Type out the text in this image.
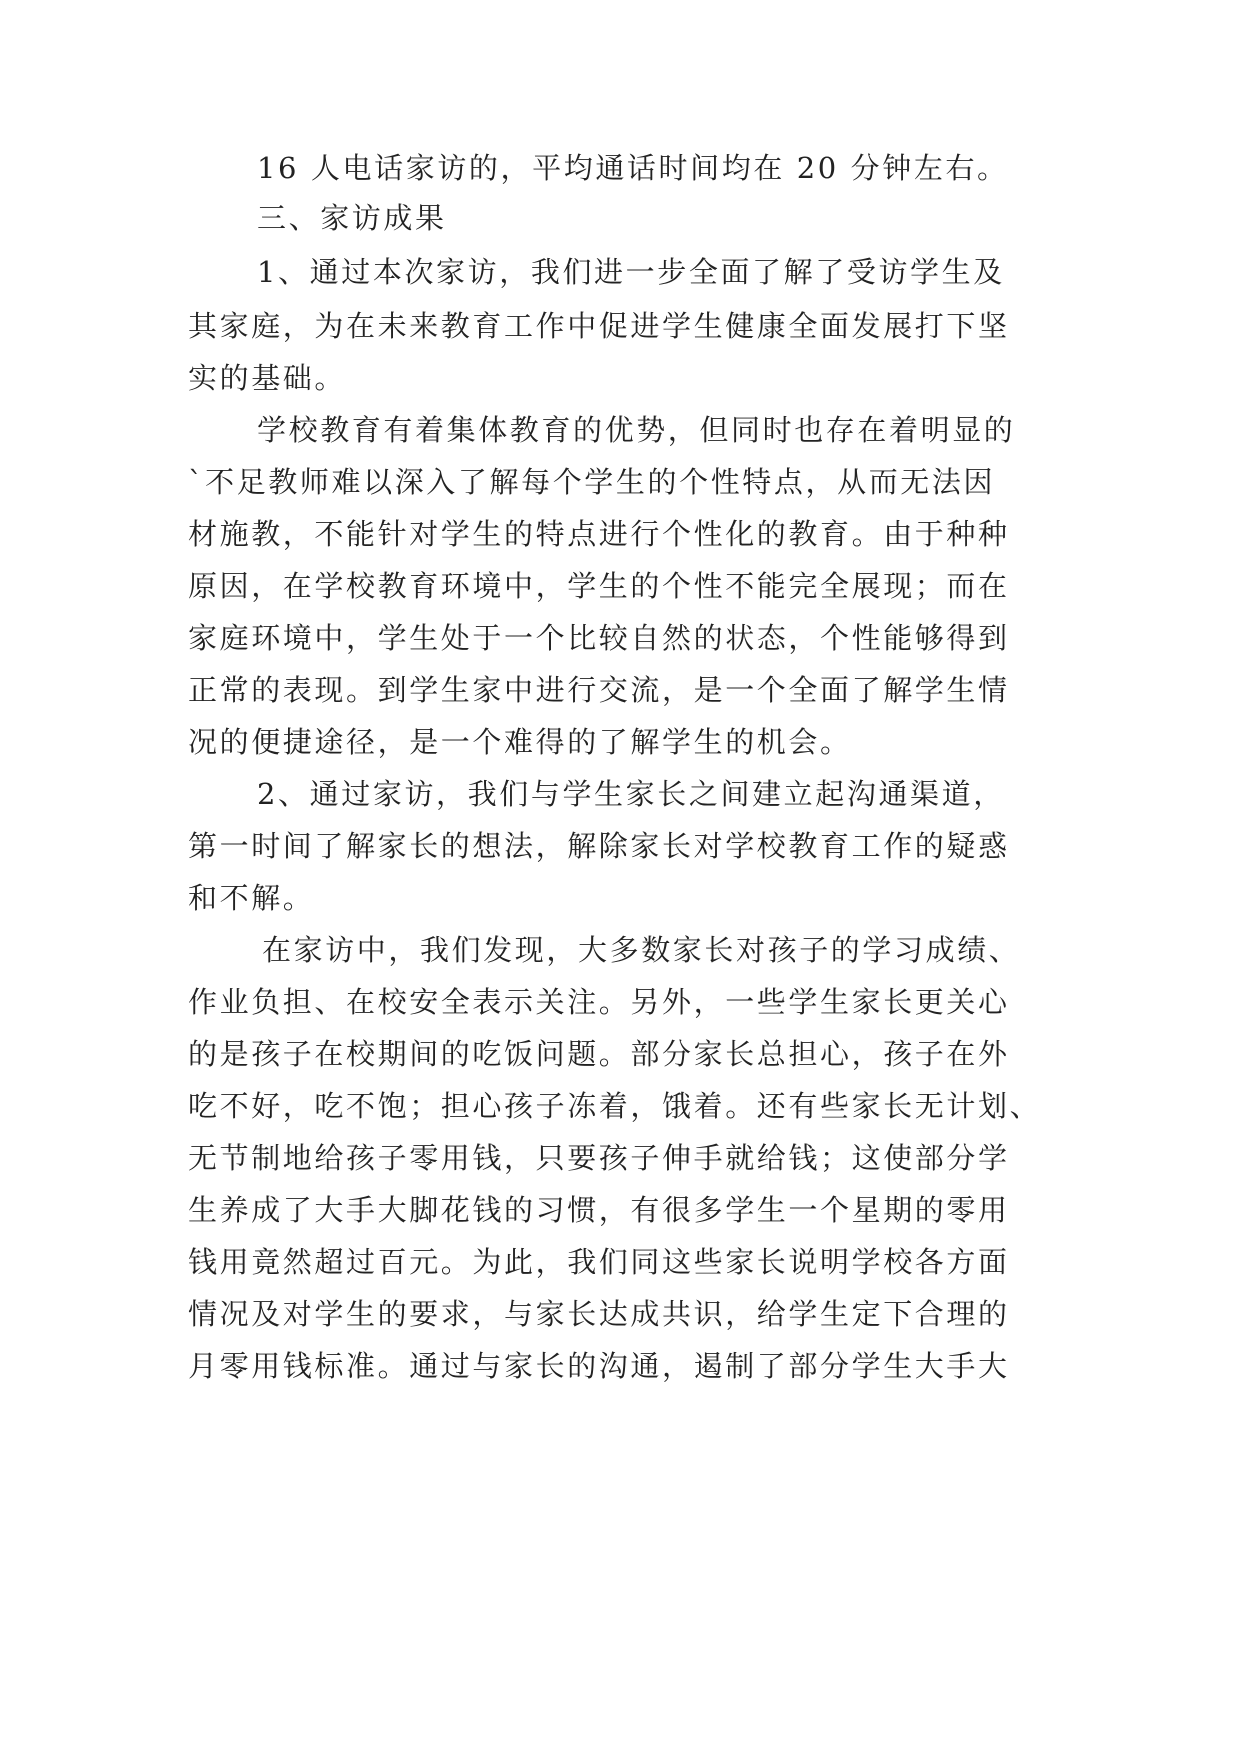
16 人电话家访的，平均通话时间均在 20 分钟左右。
三、家访成果
1、通过本次家访，我们进一步全面了解了受访学生及
其家庭，为在未来教育工作中促进学生健康全面发展打下坚
实的基础。
学校教育有着集体教育的优势，但同时也存在着明显的
`不足教师难以深入了解每个学生的个性特点，从而无法因
材施教，不能针对学生的特点进行个性化的教育。由于种种
原因，在学校教育环境中，学生的个性不能完全展现；而在
家庭环境中，学生处于一个比较自然的状态，个性能够得到
正常的表现。到学生家中进行交流，是一个全面了解学生情
况的便捷途径，是一个难得的了解学生的机会。
2、通过家访，我们与学生家长之间建立起沟通渠道，
第一时间了解家长的想法，解除家长对学校教育工作的疑惑
和不解。
在家访中，我们发现，大多数家长对孩子的学习成绩、
作业负担、在校安全表示关注。另外，一些学生家长更关心
的是孩子在校期间的吃饭问题。部分家长总担心，孩子在外
吃不好，吃不饱；担心孩子冻着，饿着。还有些家长无计划、
无节制地给孩子零用钱，只要孩子伸手就给钱；这使部分学
生养成了大手大脚花钱的习惯，有很多学生一个星期的零用
钱用竟然超过百元。为此，我们同这些家长说明学校各方面
情况及对学生的要求，与家长达成共识，给学生定下合理的
月零用钱标准。通过与家长的沟通，遏制了部分学生大手大
